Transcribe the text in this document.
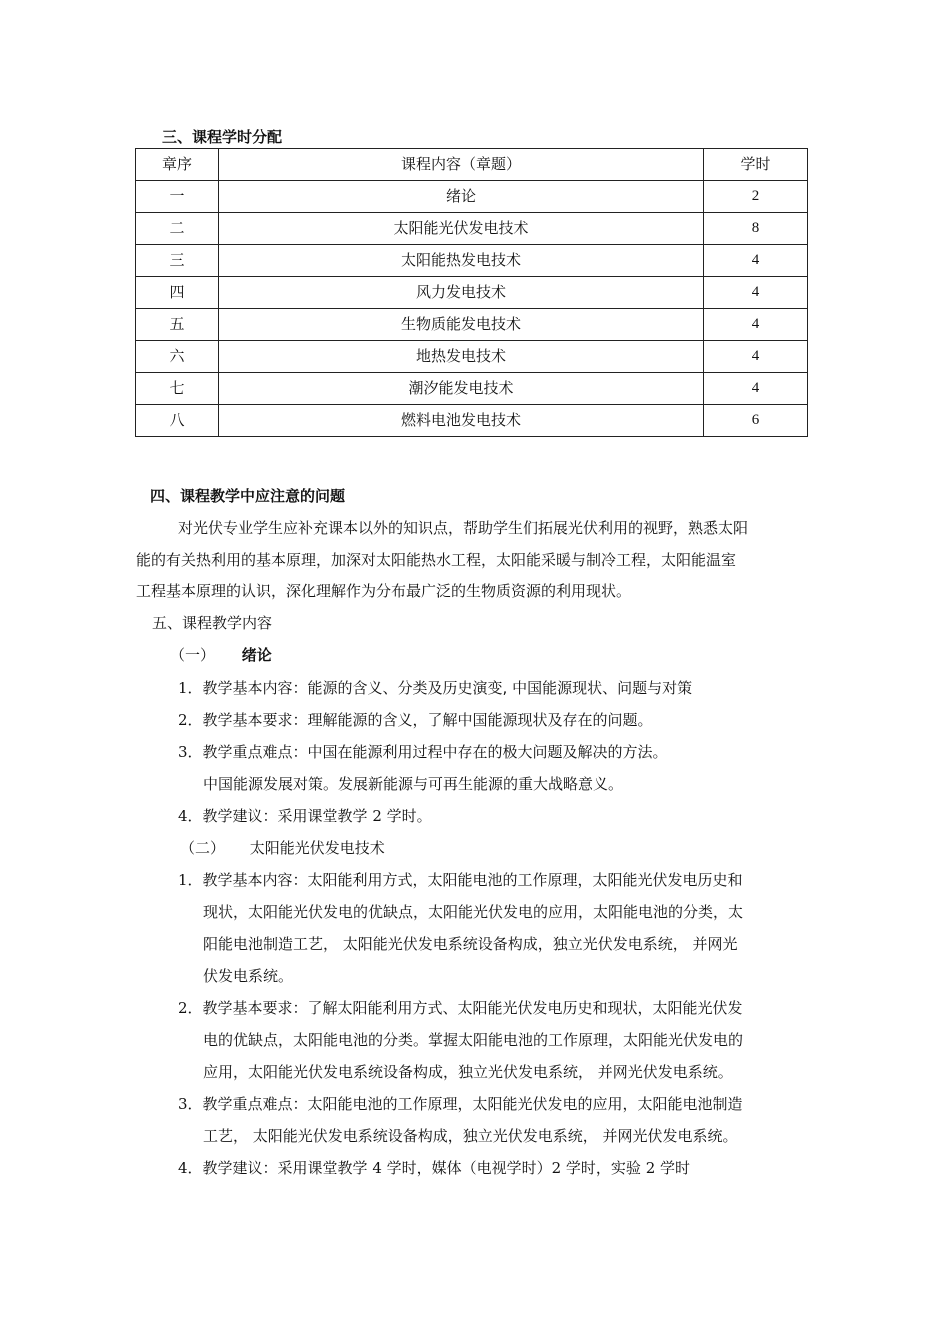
三、课程学时分配
章序	课程内容（章题）	学时
一	绪论	2
二	太阳能光伏发电技术	8
三	太阳能热发电技术	4
四	风力发电技术	4
五	生物质能发电技术	4
六	地热发电技术	4
七	潮汐能发电技术	4
八	燃料电池发电技术	6
四、课程教学中应注意的问题
对光伏专业学生应补充课本以外的知识点，帮助学生们拓展光伏利用的视野，熟悉太阳
能的有关热利用的基本原理，加深对太阳能热水工程，太阳能采暖与制冷工程，太阳能温室
工程基本原理的认识，深化理解作为分布最广泛的生物质资源的利用现状。
五、课程教学内容
（一） 绪论
1．教学基本内容：能源的含义、分类及历史演变, 中国能源现状、问题与对策
2．教学基本要求：理解能源的含义，了解中国能源现状及存在的问题。
3．教学重点难点：中国在能源利用过程中存在的极大问题及解决的方法。
中国能源发展对策。发展新能源与可再生能源的重大战略意义。
4．教学建议：采用课堂教学 2 学时。
（二） 太阳能光伏发电技术
1．教学基本内容：太阳能利用方式，太阳能电池的工作原理，太阳能光伏发电历史和
现状，太阳能光伏发电的优缺点，太阳能光伏发电的应用，太阳能电池的分类，太
阳能电池制造工艺， 太阳能光伏发电系统设备构成，独立光伏发电系统， 并网光
伏发电系统。
2．教学基本要求：了解太阳能利用方式、太阳能光伏发电历史和现状，太阳能光伏发
电的优缺点，太阳能电池的分类。掌握太阳能电池的工作原理，太阳能光伏发电的
应用，太阳能光伏发电系统设备构成，独立光伏发电系统， 并网光伏发电系统。
3．教学重点难点：太阳能电池的工作原理，太阳能光伏发电的应用，太阳能电池制造
工艺， 太阳能光伏发电系统设备构成，独立光伏发电系统， 并网光伏发电系统。
4．教学建议：采用课堂教学 4 学时，媒体（电视学时）2 学时，实验 2 学时
